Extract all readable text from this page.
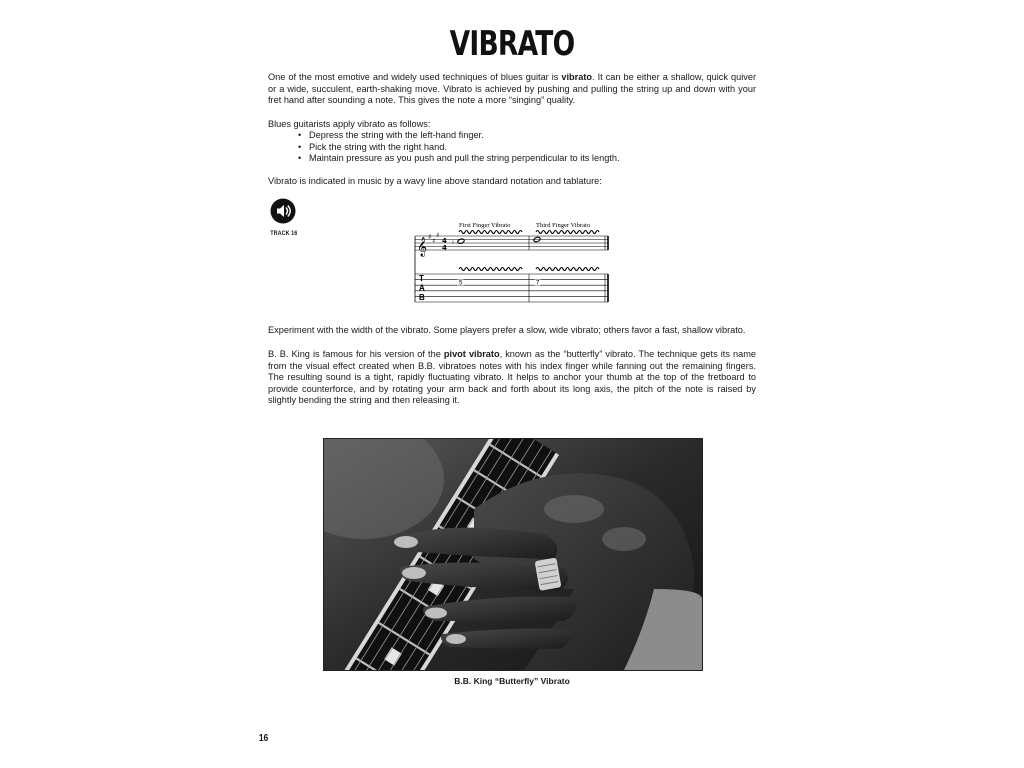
VIBRATO

One of the most emotive and widely used techniques of blues guitar is vibrato. It can be either a shallow, quick quiver or a wide, succulent, earth-shaking move. Vibrato is achieved by pushing and pulling the string up and down with your fret hand after sounding a note. This gives the note a more “singing” quality.

Blues guitarists apply vibrato as follows:

• Depress the string with the left-hand finger.
• Pick the string with the right hand.
• Maintain pressure as you push and pull the string perpendicular to its length.

Vibrato is indicated in music by a wavy line above standard notation and tablature:

TRACK 16
First Finger Vibrato	Third Finger Vibrato
𝄞 ♯ ♯
♯
4
4
♮
T
A
B
5	7

Experiment with the width of the vibrato. Some players prefer a slow, wide vibrato; others favor a fast, shallow vibrato.

B. B. King is famous for his version of the pivot vibrato, known as the “butterfly” vibrato. The technique gets its name from the visual effect created when B.B. vibratoes notes with his index finger while fanning out the remaining fingers. The resulting sound is a tight, rapidly fluctuating vibrato. It helps to anchor your thumb at the top of the fretboard to provide counterforce, and by rotating your arm back and forth about its long axis, the pitch of the note is raised by slightly bending the string and then releasing it.

B.B. King “Butterfly” Vibrato
16
